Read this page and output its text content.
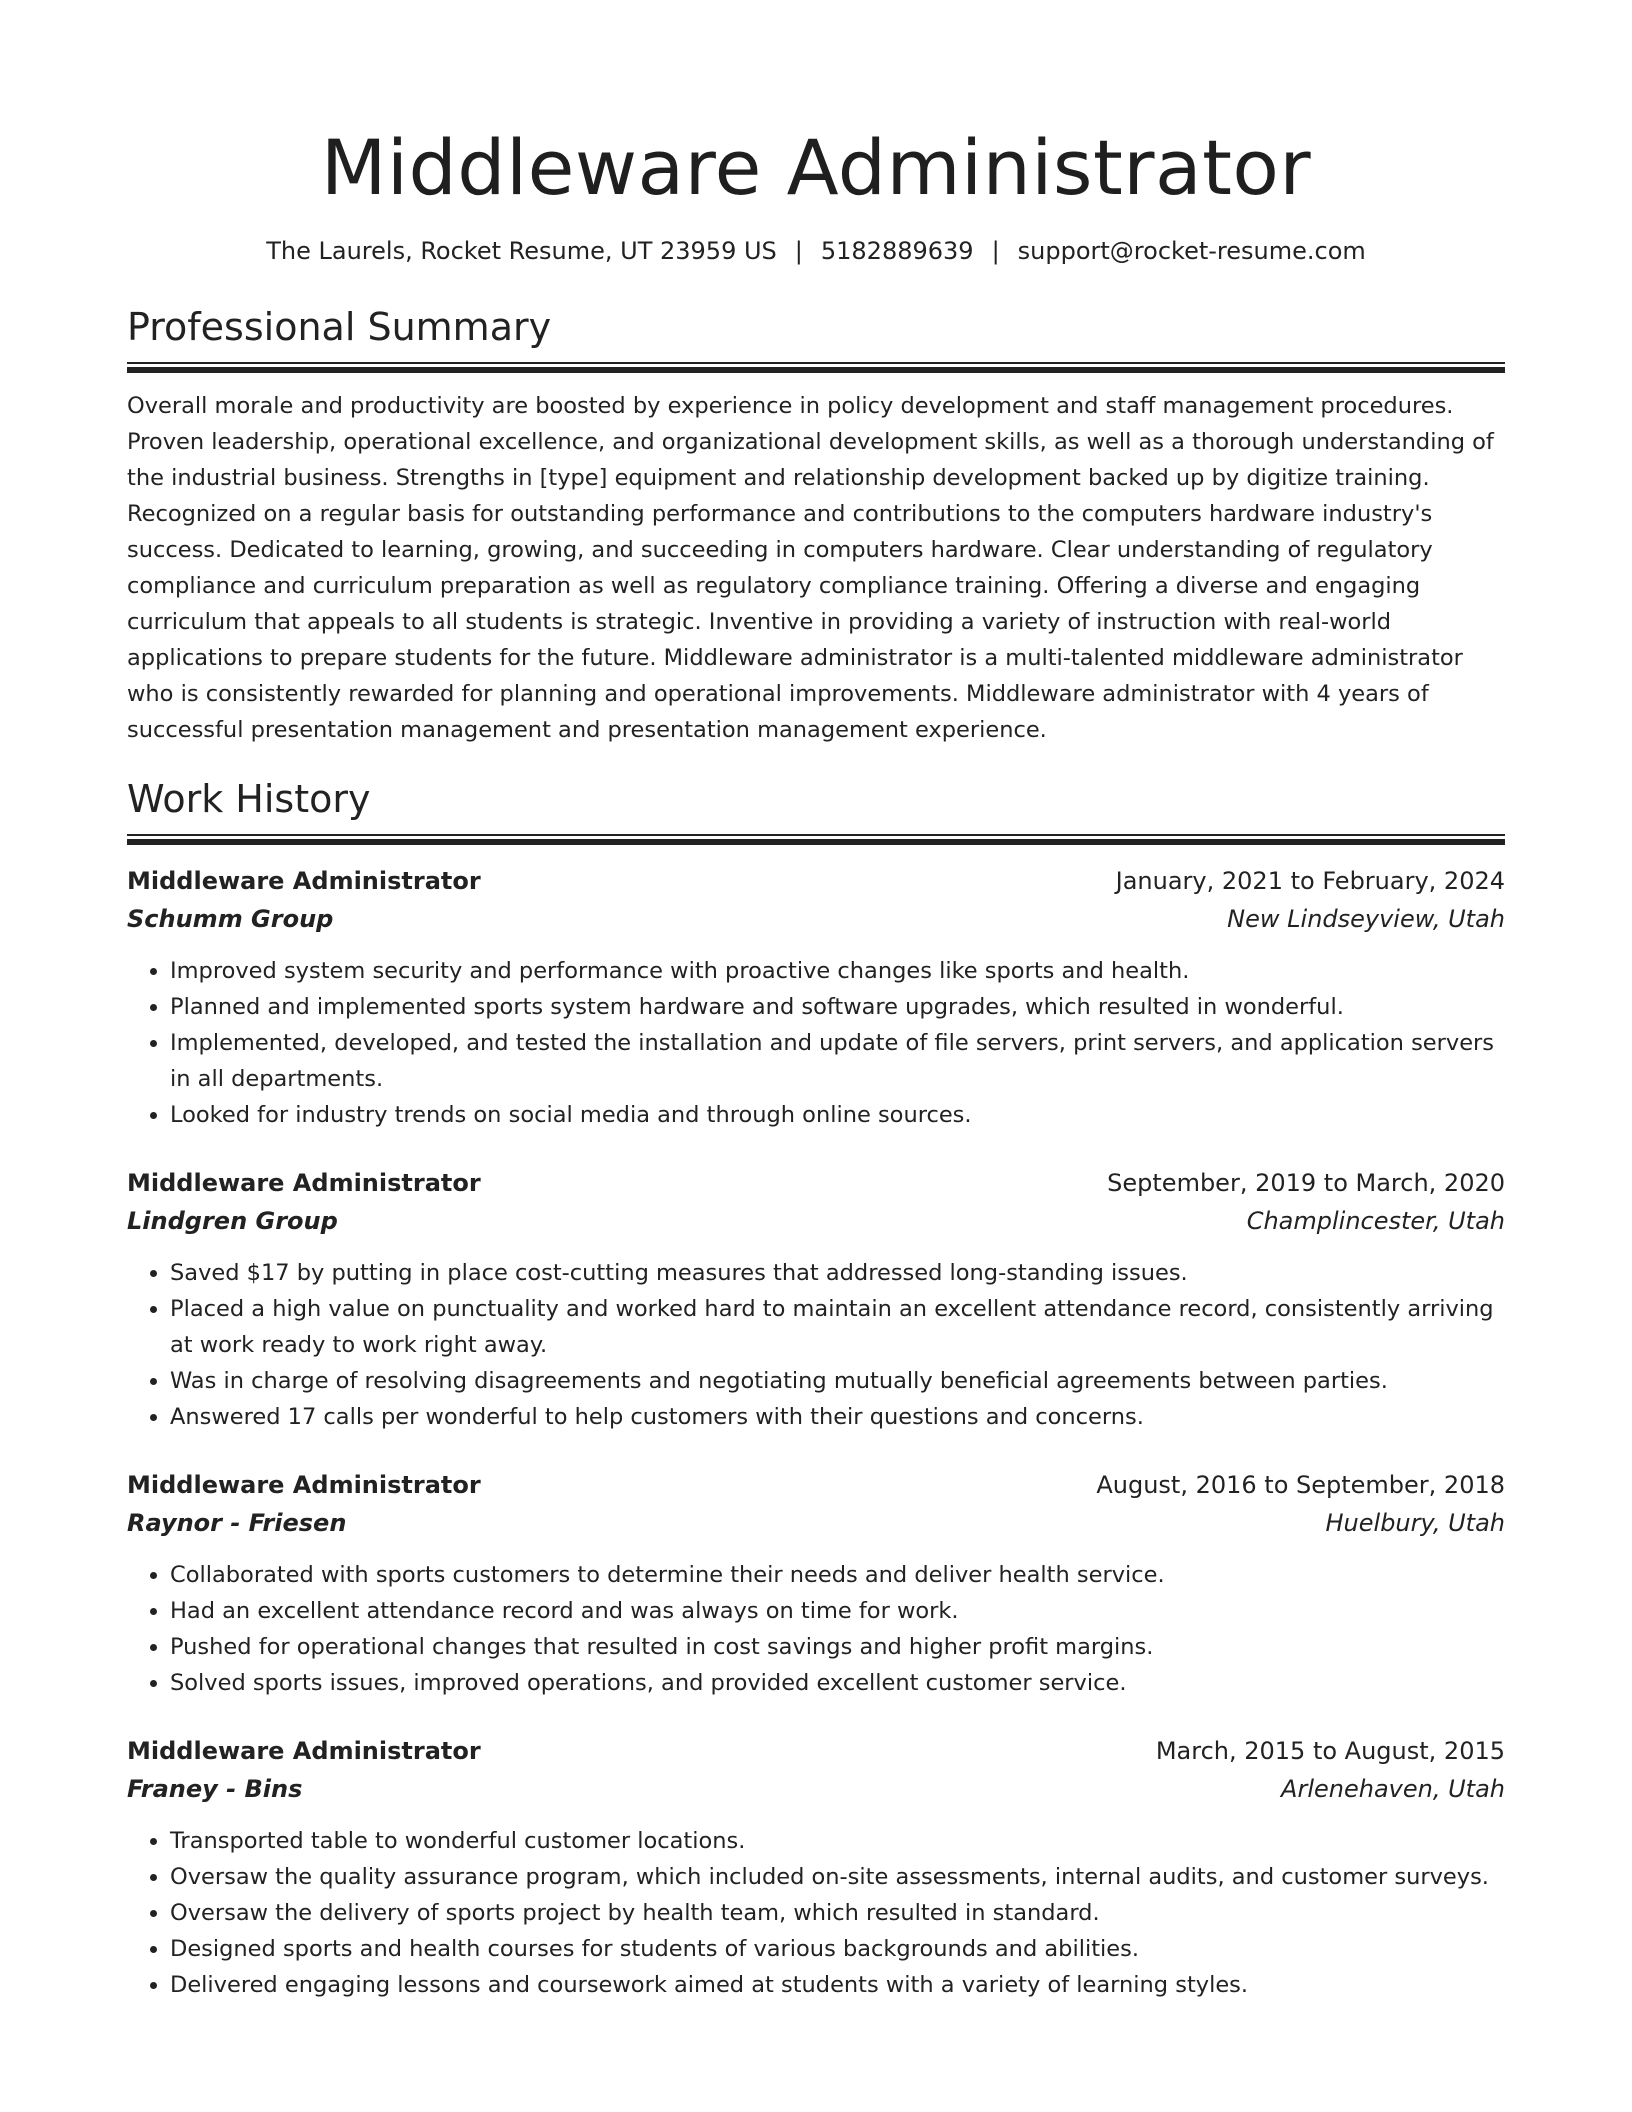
Middleware Administrator
The Laurels, Rocket Resume, UT 23959 US | 5182889639 | support@rocket-resume.com
Professional Summary

Overall morale and productivity are boosted by experience in policy development and staff management procedures. Proven leadership, operational excellence, and organizational development skills, as well as a thorough understanding of the industrial business. Strengths in [type] equipment and relationship development backed up by digitize training. Recognized on a regular basis for outstanding performance and contributions to the computers hardware industry's success. Dedicated to learning, growing, and succeeding in computers hardware. Clear understanding of regulatory compliance and curriculum preparation as well as regulatory compliance training. Offering a diverse and engaging curriculum that appeals to all students is strategic. Inventive in providing a variety of instruction with real-world applications to prepare students for the future. Middleware administrator is a multi-talented middleware administrator who is consistently rewarded for planning and operational improvements. Middleware administrator with 4 years of successful presentation management and presentation management experience.

Work History
Middleware Administrator	January, 2021 to February, 2024
Schumm Group	New Lindseyview, Utah
• Improved system security and performance with proactive changes like sports and health.
• Planned and implemented sports system hardware and software upgrades, which resulted in wonderful.
• Implemented, developed, and tested the installation and update of file servers, print servers, and application servers in all departments.
• Looked for industry trends on social media and through online sources.
Middleware Administrator	September, 2019 to March, 2020
Lindgren Group	Champlincester, Utah
• Saved $17 by putting in place cost-cutting measures that addressed long-standing issues.
• Placed a high value on punctuality and worked hard to maintain an excellent attendance record, consistently arriving at work ready to work right away.
• Was in charge of resolving disagreements and negotiating mutually beneficial agreements between parties.
• Answered 17 calls per wonderful to help customers with their questions and concerns.
Middleware Administrator	August, 2016 to September, 2018
Raynor - Friesen	Huelbury, Utah
• Collaborated with sports customers to determine their needs and deliver health service.
• Had an excellent attendance record and was always on time for work.
• Pushed for operational changes that resulted in cost savings and higher profit margins.
• Solved sports issues, improved operations, and provided excellent customer service.
Middleware Administrator	March, 2015 to August, 2015
Franey - Bins	Arlenehaven, Utah
• Transported table to wonderful customer locations.
• Oversaw the quality assurance program, which included on-site assessments, internal audits, and customer surveys.
• Oversaw the delivery of sports project by health team, which resulted in standard.
• Designed sports and health courses for students of various backgrounds and abilities.
• Delivered engaging lessons and coursework aimed at students with a variety of learning styles.
